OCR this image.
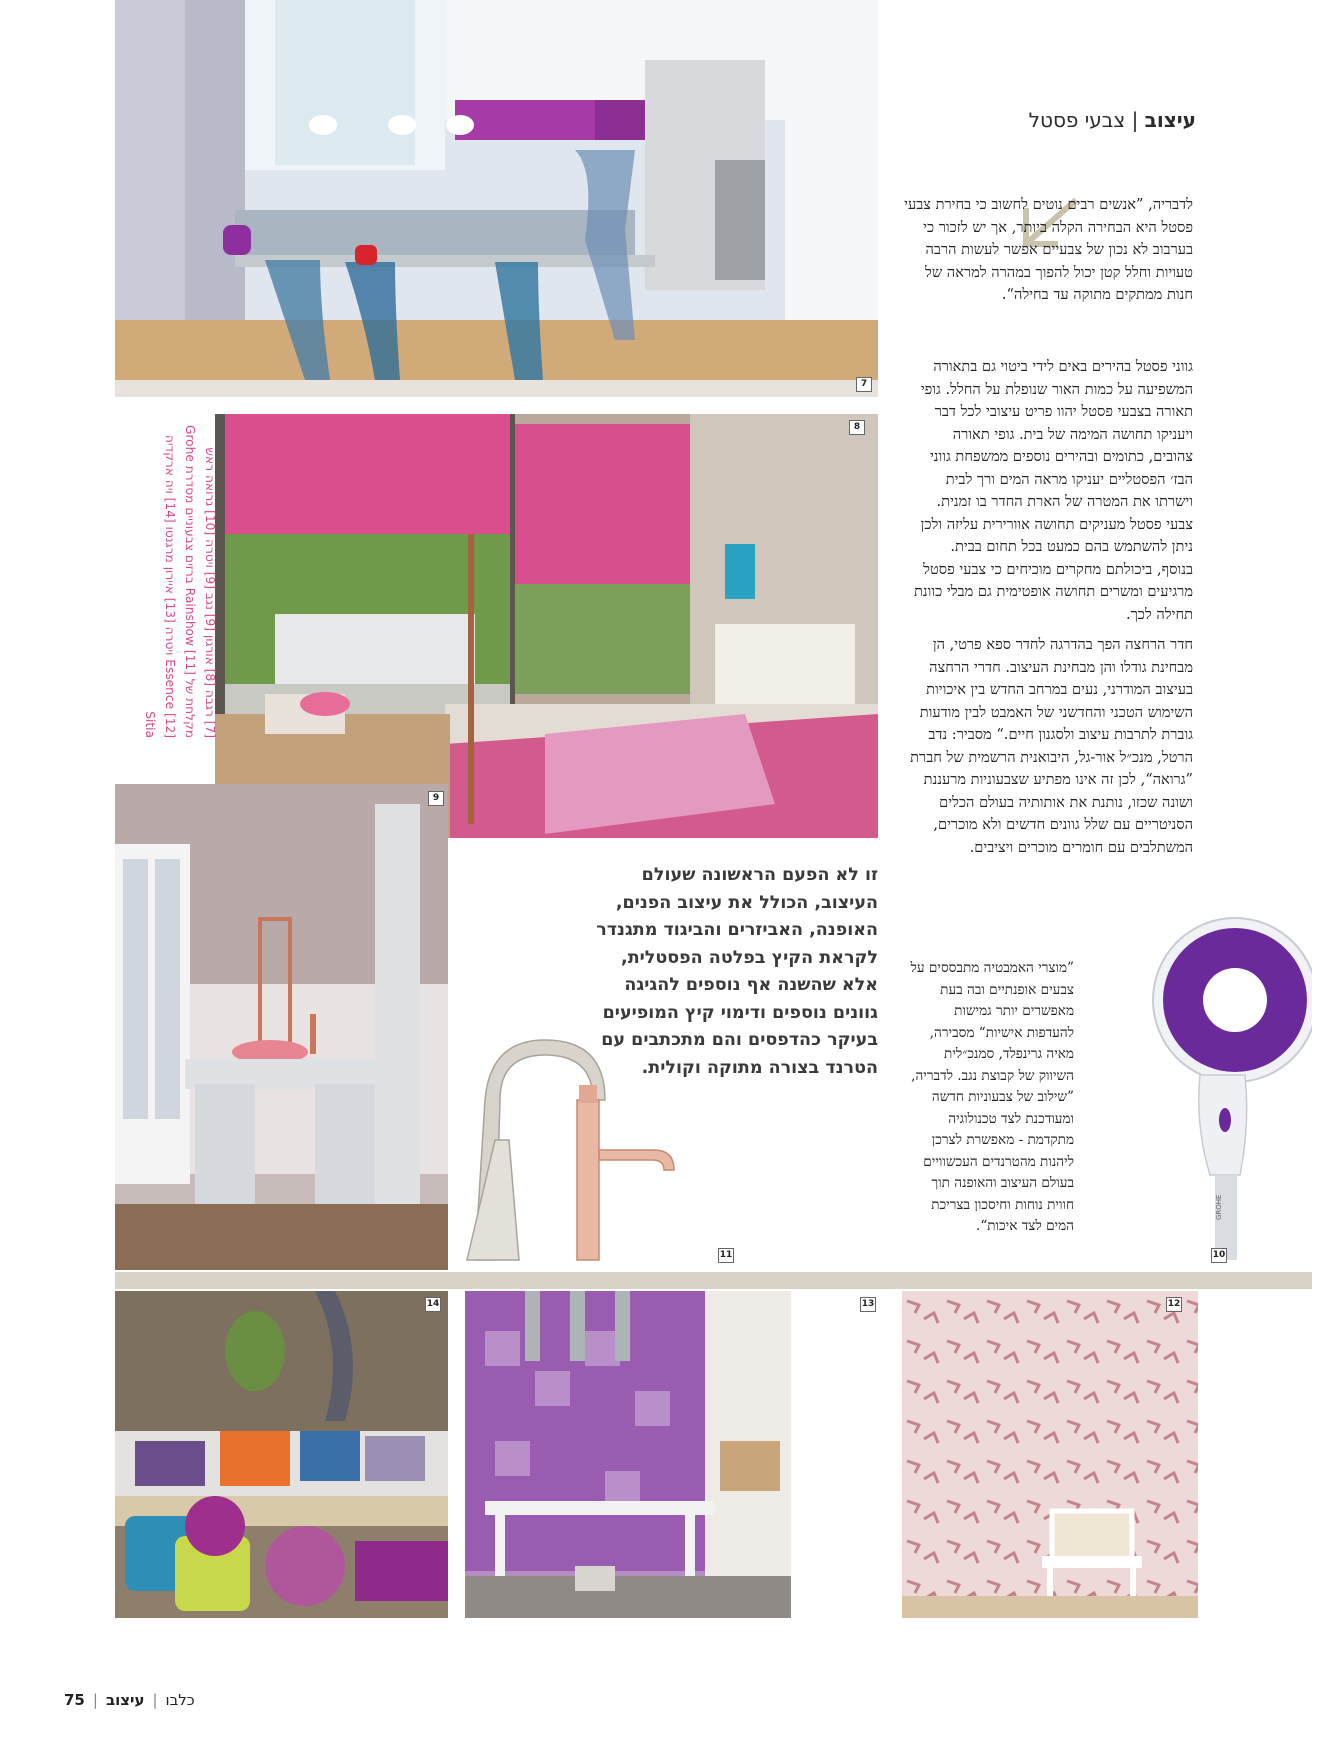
7
8
9
11
GROHE
10
14	13	12
עיצוב | צבעי פסטל

לדבריה, ”אנשים רבים נוטים לחשוב כי בחירת צבעי פסטל היא הבחירה הקלה ביותר, אך יש לזכור כי בערבוב לא נכון של צבעיים אפשר לעשות הרבה טעויות וחלל קטן יכול להפוך במהרה למראה של חנות ממתקים מתוקה עד בחילה“.

גווני פסטל בהירים באים לידי ביטוי גם בתאורה המשפיעה על כמות האור שנופלת על החלל. גופי תאורה בצבעי פסטל יהוו פריט עיצובי לכל דבר ויעניקו תחושה המימה של בית. גופי תאורה צהובים, כתומים ובהירים נוספים ממשפחת גווני הבז׳ הפסטליים יעניקו מראה המים ורך לבית וישרתו את המטרה של הארת החדר בו זמנית. צבעי פסטל מעניקים תחושה אוורירית עליזה ולכן ניתן להשתמש בהם כמעט בכל תחום בבית. בנוסף, ביכולתם מחקרים מוכיחים כי צבעי פסטל מרגיעים ומשרים תחושה אופטימית גם מבלי כוונת תחילה לכך.

חדר הרחצה הפך בהדרגה לחדר ספא פרטי, הן מבחינת גודלו והן מבחינת העיצוב. חדרי הרחצה בעיצוב המודרני, נעים במרחב החדש בין איכויות השימוש הטכני והחדשני של האמבט לבין מודעות גוברת לתרבות עיצוב ולסגנון חיים.“ מסביר: נדב הרטל, מנכ״ל אור-גל, היבואנית הרשמית של חברת ”גרואה“, לכן זה אינו מפתיע שצבעוניות מרעננת ושונה שכזו, נותנת את אותותיה בעולם הכלים הסניטריים עם שלל גוונים חדשים ולא מוכרים, המשתלבים עם חומרים מוכרים ויציבים.

”מוצרי האמבטיה מתבססים על צבעים אופנתיים ובה בעת מאפשרים יותר גמישות להעדפות אישיות“ מסבירה, מאיה גרינפלד, סמנכ״לית השיווק של קבוצת נגב. לדבריה, ”שילוב של צבעוניות חדשה ומעודכנת לצד טכנולוגיה מתקדמת - מאפשרת לצרכן ליהנות מהטרנדים העכשוויים בעולם העיצוב והאופנה תוך חווית נוחות וחיסכון בצריכת המים לצד איכות“.

זו לא הפעם הראשונה שעולם העיצוב, הכולל את עיצוב הפנים, האופנה, האביזרים והביגוד מתגנדר לקראת הקיץ בפלטה הפסטלית, אלא שהשנה אף נוספים להגיגה גוונים נוספים ודימוי קיץ המופיעים בעיקר כהדפסים והם מתכתבים עם הטרנד בצורה מתוקה וקולית.

[7] רגבה [8] אורגון [9] נגב [9] ויטרה [10] גרואה ראש מקלחת של Rainshow [11] ברזים צבעוניים מסדרת Grohe Essence [12] ויטרה [13] איירון מרגנטו [14] ויה ארקדיה Sitia
75 |	כלבו|עיצוב
